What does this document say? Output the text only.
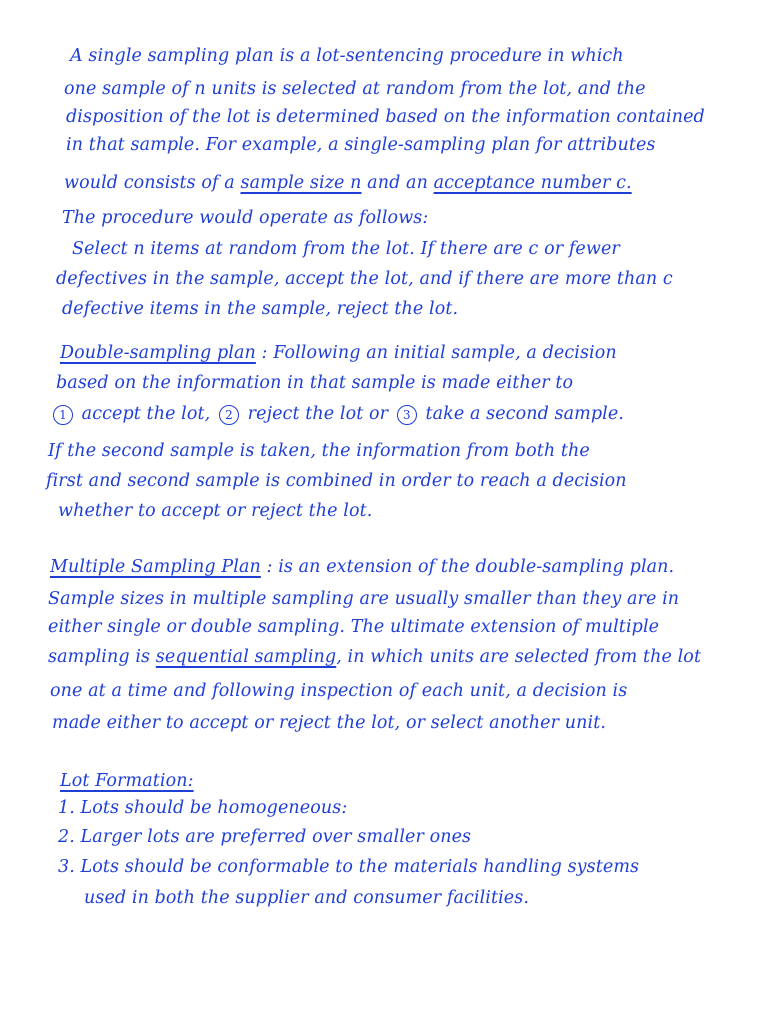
A single sampling plan is a lot-sentencing procedure in which
one sample of n units is selected at random from the lot, and the
disposition of the lot is determined based on the information contained
in that sample. For example, a single-sampling plan for attributes
would consists of a sample size n and an acceptance number c.
The procedure would operate as follows:
Select n items at random from the lot. If there are c or fewer
defectives in the sample, accept the lot, and if there are more than c
defective items in the sample, reject the lot.
Double-sampling plan : Following an initial sample, a decision
based on the information in that sample is made either to
1 accept the lot, 2 reject the lot or 3 take a second sample.
If the second sample is taken, the information from both the
first and second sample is combined in order to reach a decision
whether to accept or reject the lot.
Multiple Sampling Plan : is an extension of the double-sampling plan.
Sample sizes in multiple sampling are usually smaller than they are in
either single or double sampling. The ultimate extension of multiple
sampling is sequential sampling, in which units are selected from the lot
one at a time and following inspection of each unit, a decision is
made either to accept or reject the lot, or select another unit.
Lot Formation:
1. Lots should be homogeneous:
2. Larger lots are preferred over smaller ones
3. Lots should be conformable to the materials handling systems
used in both the supplier and consumer facilities.
